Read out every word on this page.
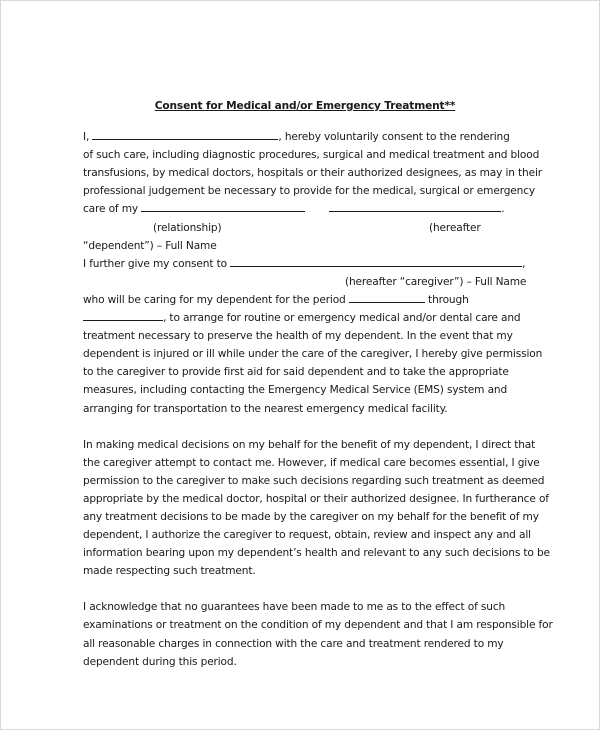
Consent for Medical and/or Emergency Treatment**
I,	, hereby voluntarily consent to the rendering
of such care, including diagnostic procedures, surgical and medical treatment and blood
transfusions, by medical doctors, hospitals or their authorized designees, as may in their
professional judgement be necessary to provide for the medical, surgical or emergency
care of my	.
(relationship)	(hereafter
“dependent”) – Full Name
I further give my consent to	,
(hereafter “caregiver”) – Full Name
who will be caring for my dependent for the period	through
, to arrange for routine or emergency medical and/or dental care and
treatment necessary to preserve the health of my dependent. In the event that my
dependent is injured or ill while under the care of the caregiver, I hereby give permission
to the caregiver to provide first aid for said dependent and to take the appropriate
measures, including contacting the Emergency Medical Service (EMS) system and
arranging for transportation to the nearest emergency medical facility.
In making medical decisions on my behalf for the benefit of my dependent, I direct that
the caregiver attempt to contact me. However, if medical care becomes essential, I give
permission to the caregiver to make such decisions regarding such treatment as deemed
appropriate by the medical doctor, hospital or their authorized designee. In furtherance of
any treatment decisions to be made by the caregiver on my behalf for the benefit of my
dependent, I authorize the caregiver to request, obtain, review and inspect any and all
information bearing upon my dependent’s health and relevant to any such decisions to be
made respecting such treatment.
I acknowledge that no guarantees have been made to me as to the effect of such
examinations or treatment on the condition of my dependent and that I am responsible for
all reasonable charges in connection with the care and treatment rendered to my
dependent during this period.
